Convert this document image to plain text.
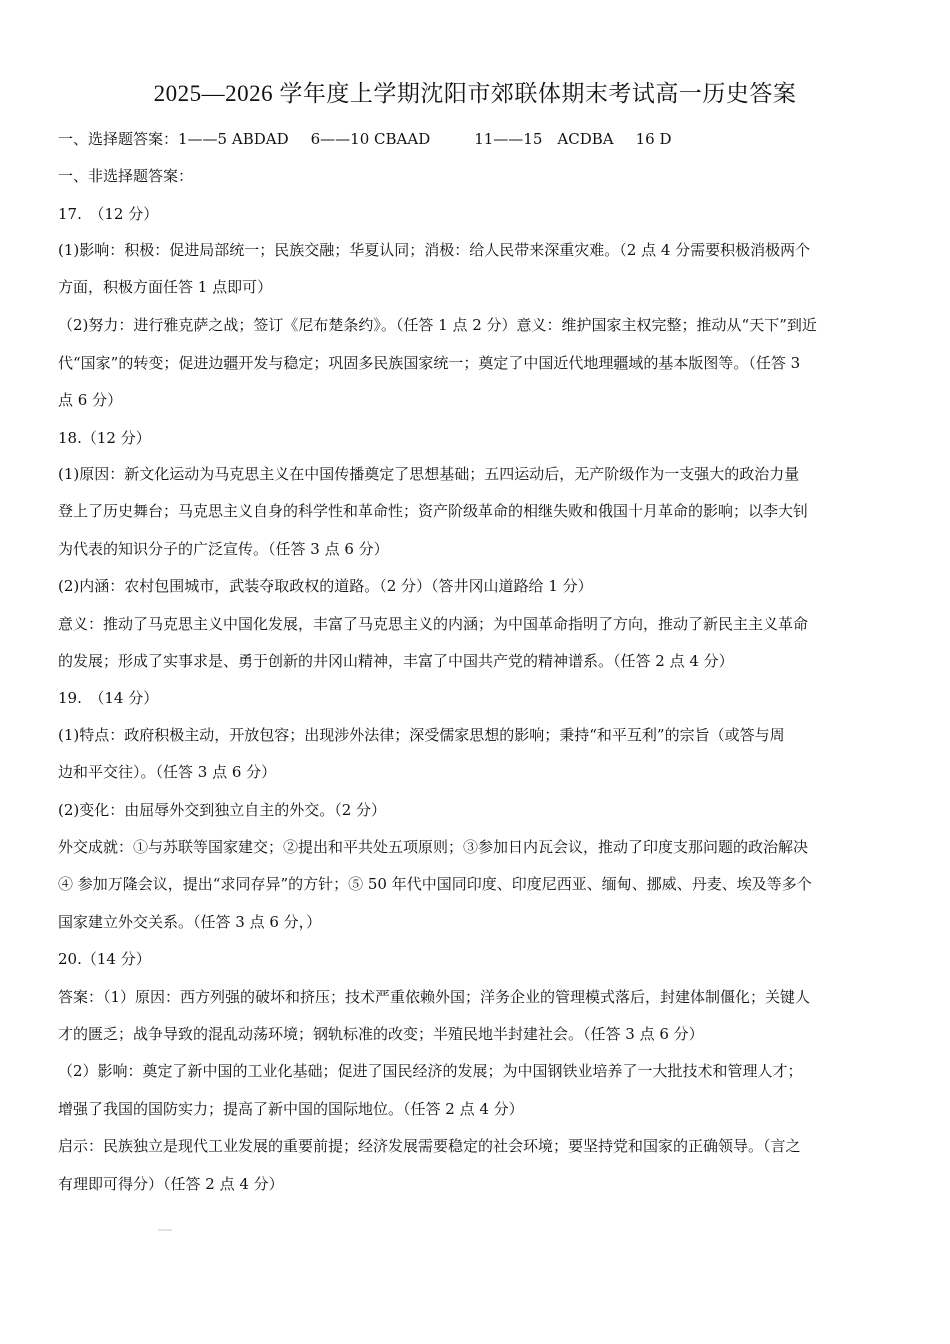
2025—2026 学年度上学期沈阳市郊联体期末考试高一历史答案
一、选择题答案：1——5 ABDAD 6——10 CBAAD	11——15　ACDBA 16 D
一、非选择题答案：
17.　（12 分）
(1)影响：积极：促进局部统一；民族交融；华夏认同；消极：给人民带来深重灾难。（2 点 4 分需要积极消极两个
方面，积极方面任答 1 点即可）
（2)努力：进行雅克萨之战；签订《尼布楚条约》。（任答 1 点 2 分）意义：维护国家主权完整；推动从“天下”到近
代“国家”的转变；促进边疆开发与稳定；巩固多民族国家统一；奠定了中国近代地理疆域的基本版图等。（任答 3
点 6 分）
18.（12 分）
(1)原因：新文化运动为马克思主义在中国传播奠定了思想基础；五四运动后，无产阶级作为一支强大的政治力量
登上了历史舞台；马克思主义自身的科学性和革命性；资产阶级革命的相继失败和俄国十月革命的影响；以李大钊
为代表的知识分子的广泛宣传。（任答 3 点 6 分）
(2)内涵：农村包围城市，武装夺取政权的道路。（2 分）（答井冈山道路给 1 分）
意义：推动了马克思主义中国化发展，丰富了马克思主义的内涵；为中国革命指明了方向，推动了新民主主义革命
的发展；形成了实事求是、勇于创新的井冈山精神，丰富了中国共产党的精神谱系。（任答 2 点 4 分）
19.　（14 分）
(1)特点：政府积极主动，开放包容；出现涉外法律；深受儒家思想的影响；秉持“和平互利”的宗旨（或答与周
边和平交往）。（任答 3 点 6 分）
(2)变化：由屈辱外交到独立自主的外交。（2 分）
外交成就：①与苏联等国家建交；②提出和平共处五项原则；③参加日内瓦会议，推动了印度支那问题的政治解决
④ 参加万隆会议，提出“求同存异”的方针；⑤ 50 年代中国同印度、印度尼西亚、缅甸、挪威、丹麦、埃及等多个
国家建立外交关系。（任答 3 点 6 分，）
20.（14 分）
答案：（1）原因：西方列强的破坏和挤压；技术严重依赖外国；洋务企业的管理模式落后，封建体制僵化；关键人
才的匮乏；战争导致的混乱动荡环境；钢轨标准的改变；半殖民地半封建社会。（任答 3 点 6 分）
（2）影响：奠定了新中国的工业化基础；促进了国民经济的发展；为中国钢铁业培养了一大批技术和管理人才；
增强了我国的国防实力；提高了新中国的国际地位。（任答 2 点 4 分）
启示：民族独立是现代工业发展的重要前提；经济发展需要稳定的社会环境；要坚持党和国家的正确领导。（言之
有理即可得分）（任答 2 点 4 分）
